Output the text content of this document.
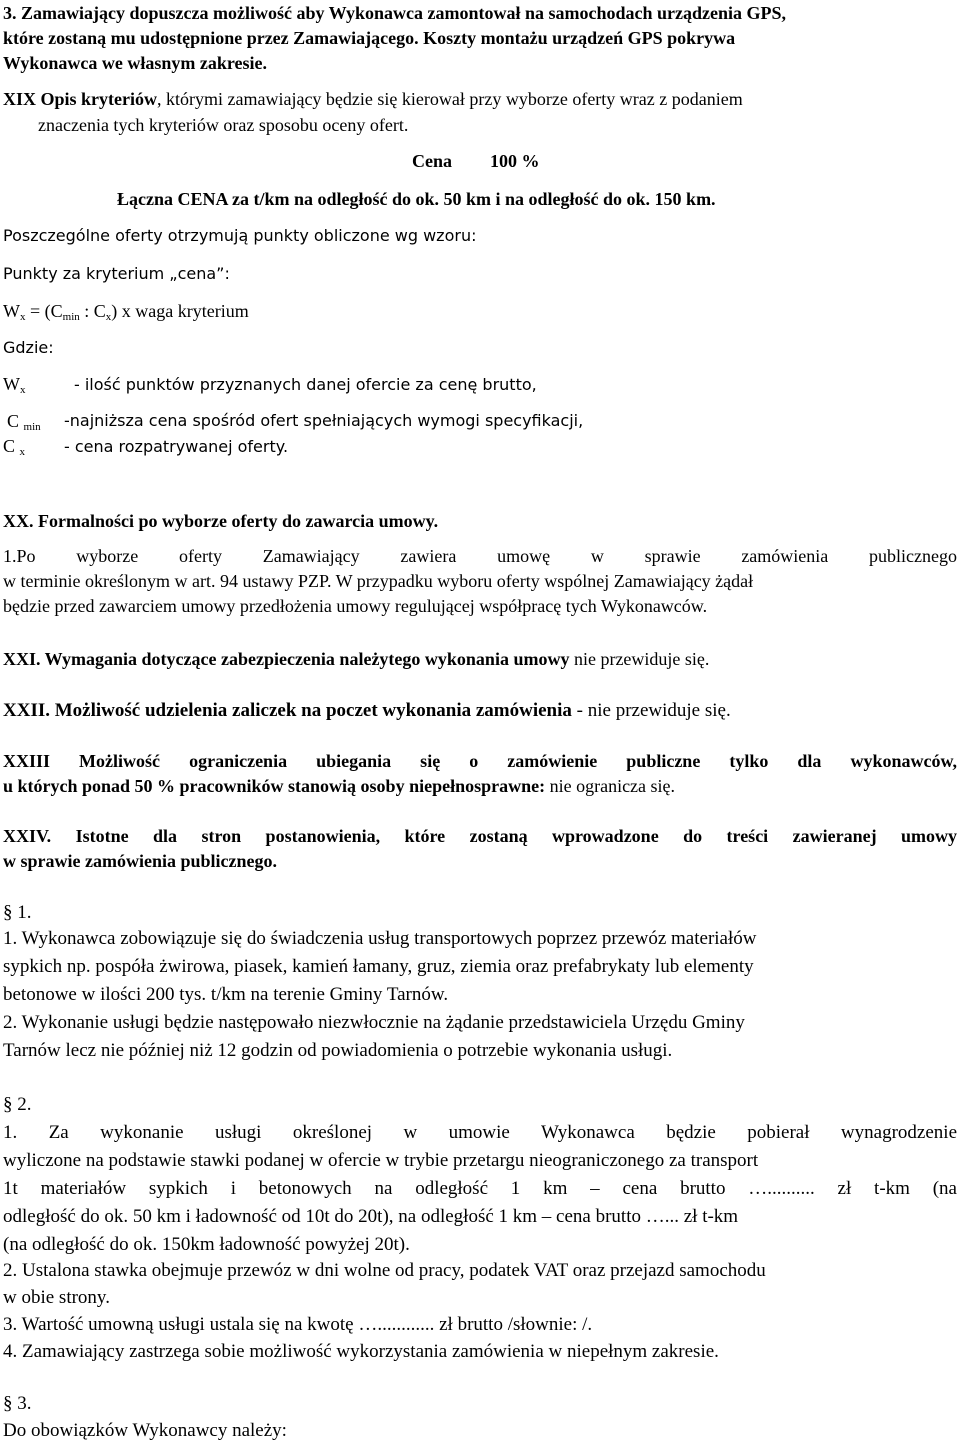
3. Zamawiający dopuszcza możliwość aby Wykonawca zamontował na samochodach urządzenia GPS,
które zostaną mu udostępnione przez Zamawiającego. Koszty montażu urządzeń GPS pokrywa
Wykonawca we własnym zakresie.
XIX Opis kryteriów, którymi zamawiający będzie się kierował przy wyborze oferty wraz z podaniem
znaczenia tych kryteriów oraz sposobu oceny ofert.
Cena 100 %
Łączna CENA za t/km na odległość do ok. 50 km i na odległość do ok. 150 km.
Poszczególne oferty otrzymują punkty obliczone wg wzoru:
Punkty za kryterium „cena”:
$W_x = (C_{min}$ : $C_x$) x waga kryterium
Gdzie:
$W_x$	- ilość punktów przyznanych danej ofercie za cenę brutto,
C $_{min}$ -najniższa cena spośród ofert spełniających wymogi specyfikacji,
C $_x$ - cena rozpatrywanej oferty.
XX. Formalności po wyborze oferty do zawarcia umowy.
1.Po wyborze oferty Zamawiający zawiera umowę w sprawie zamówienia publicznego
w terminie określonym w art. 94 ustawy PZP. W przypadku wyboru oferty wspólnej Zamawiający żądał
będzie przed zawarciem umowy przedłożenia umowy regulującej współpracę tych Wykonawców.
XXI. Wymagania dotyczące zabezpieczenia należytego wykonania umowy nie przewiduje się.
XXII. Możliwość udzielenia zaliczek na poczet wykonania zamówienia - nie przewiduje się.
XXIII Możliwość ograniczenia ubiegania się o zamówienie publiczne tylko dla wykonawców,
u których ponad 50 % pracowników stanowią osoby niepełnosprawne: nie ogranicza się.
XXIV. Istotne dla stron postanowienia, które zostaną wprowadzone do treści zawieranej umowy
w sprawie zamówienia publicznego.
§ 1.
1. Wykonawca zobowiązuje się do świadczenia usług transportowych poprzez przewóz materiałów
sypkich np. pospóła żwirowa, piasek, kamień łamany, gruz, ziemia oraz prefabrykaty lub elementy
betonowe w ilości 200 tys. t/km na terenie Gminy Tarnów.
2. Wykonanie usługi będzie następowało niezwłocznie na żądanie przedstawiciela Urzędu Gminy
Tarnów lecz nie później niż 12 godzin od powiadomienia o potrzebie wykonania usługi.
§ 2.
1. Za wykonanie usługi określonej w umowie Wykonawca będzie pobierał wynagrodzenie
wyliczone na podstawie stawki podanej w ofercie w trybie przetargu nieograniczonego za transport
1t materiałów sypkich i betonowych na odległość 1 km – cena brutto ….......... zł t-km (na
odległość do ok. 50 km i ładowność od 10t do 20t), na odległość 1 km – cena brutto …... zł t-km
(na odległość do ok. 150km ładowność powyżej 20t).
2. Ustalona stawka obejmuje przewóz w dni wolne od pracy, podatek VAT oraz przejazd samochodu
w obie strony.
3. Wartość umowną usługi ustala się na kwotę …............ zł brutto /słownie: /.
4. Zamawiający zastrzega sobie możliwość wykorzystania zamówienia w niepełnym zakresie.
§ 3.
Do obowiązków Wykonawcy należy:
